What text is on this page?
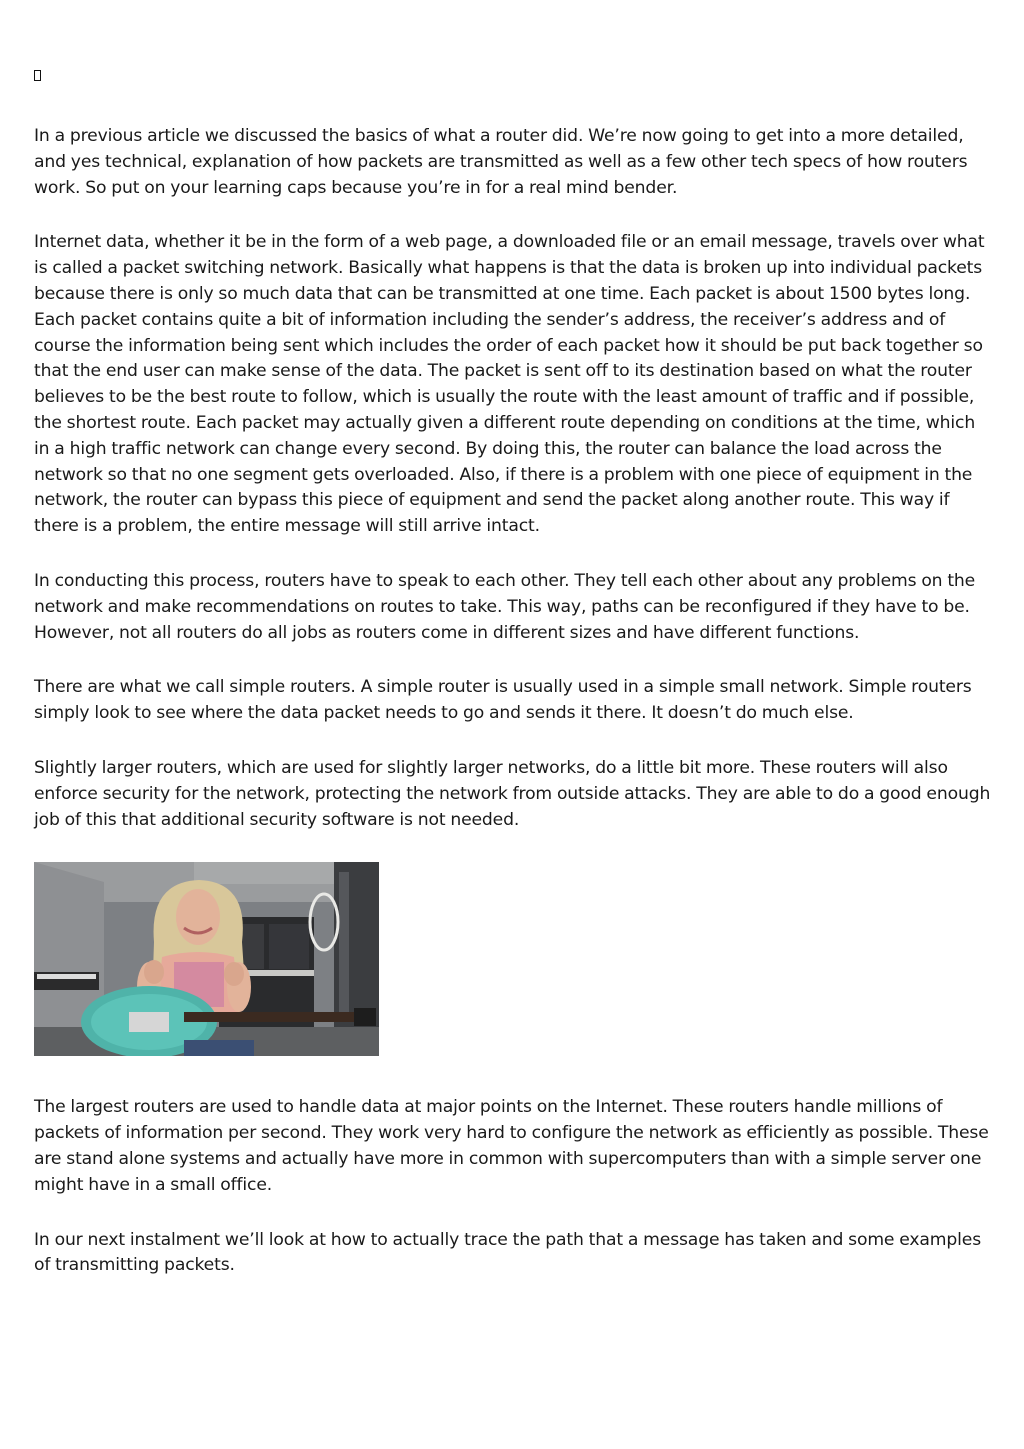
In a previous article we discussed the basics of what a router did. We’re now going to get into a more detailed, and yes technical, explanation of how packets are transmitted as well as a few other tech specs of how routers work. So put on your learning caps because you’re in for a real mind bender.

Internet data, whether it be in the form of a web page, a downloaded file or an email message, travels over what is called a packet switching network. Basically what happens is that the data is broken up into individual packets because there is only so much data that can be transmitted at one time. Each packet is about 1500 bytes long. Each packet contains quite a bit of information including the sender’s address, the receiver’s address and of course the information being sent which includes the order of each packet how it should be put back together so that the end user can make sense of the data. The packet is sent off to its destination based on what the router believes to be the best route to follow, which is usually the route with the least amount of traffic and if possible, the shortest route. Each packet may actually given a different route depending on conditions at the time, which in a high traffic network can change every second. By doing this, the router can balance the load across the network so that no one segment gets overloaded. Also, if there is a problem with one piece of equipment in the network, the router can bypass this piece of equipment and send the packet along another route. This way if there is a problem, the entire message will still arrive intact.

In conducting this process, routers have to speak to each other. They tell each other about any problems on the network and make recommendations on routes to take. This way, paths can be reconfigured if they have to be. However, not all routers do all jobs as routers come in different sizes and have different functions.

There are what we call simple routers. A simple router is usually used in a simple small network. Simple routers simply look to see where the data packet needs to go and sends it there. It doesn’t do much else.

Slightly larger routers, which are used for slightly larger networks, do a little bit more. These routers will also enforce security for the network, protecting the network from outside attacks. They are able to do a good enough job of this that additional security software is not needed.

The largest routers are used to handle data at major points on the Internet. These routers handle millions of packets of information per second. They work very hard to configure the network as efficiently as possible. These are stand alone systems and actually have more in common with supercomputers than with a simple server one might have in a small office.

In our next instalment we’ll look at how to actually trace the path that a message has taken and some examples of transmitting packets.
